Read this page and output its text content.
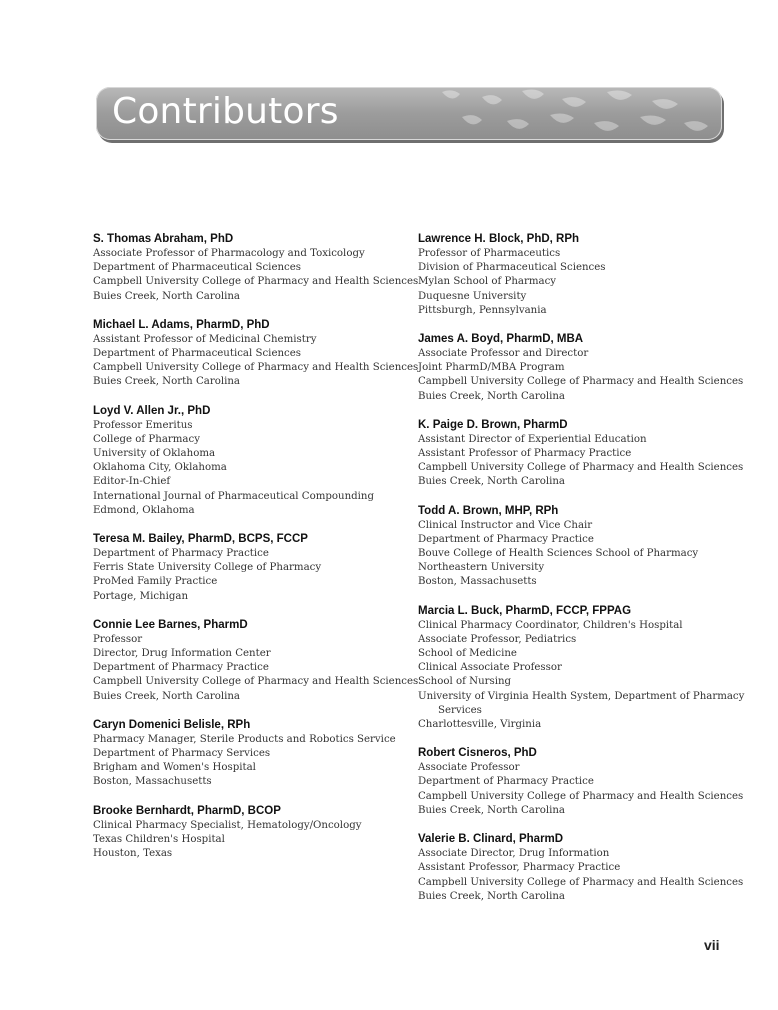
Contributors
S. Thomas Abraham, PhD
Associate Professor of Pharmacology and Toxicology
Department of Pharmaceutical Sciences
Campbell University College of Pharmacy and Health Sciences
Buies Creek, North Carolina
Michael L. Adams, PharmD, PhD
Assistant Professor of Medicinal Chemistry
Department of Pharmaceutical Sciences
Campbell University College of Pharmacy and Health Sciences
Buies Creek, North Carolina
Loyd V. Allen Jr., PhD
Professor Emeritus
College of Pharmacy
University of Oklahoma
Oklahoma City, Oklahoma
Editor-In-Chief
International Journal of Pharmaceutical Compounding
Edmond, Oklahoma
Teresa M. Bailey, PharmD, BCPS, FCCP
Department of Pharmacy Practice
Ferris State University College of Pharmacy
ProMed Family Practice
Portage, Michigan
Connie Lee Barnes, PharmD
Professor
Director, Drug Information Center
Department of Pharmacy Practice
Campbell University College of Pharmacy and Health Sciences
Buies Creek, North Carolina
Caryn Domenici Belisle, RPh
Pharmacy Manager, Sterile Products and Robotics Service
Department of Pharmacy Services
Brigham and Women's Hospital
Boston, Massachusetts
Brooke Bernhardt, PharmD, BCOP
Clinical Pharmacy Specialist, Hematology/Oncology
Texas Children's Hospital
Houston, Texas
Lawrence H. Block, PhD, RPh
Professor of Pharmaceutics
Division of Pharmaceutical Sciences
Mylan School of Pharmacy
Duquesne University
Pittsburgh, Pennsylvania
James A. Boyd, PharmD, MBA
Associate Professor and Director
Joint PharmD/MBA Program
Campbell University College of Pharmacy and Health Sciences
Buies Creek, North Carolina
K. Paige D. Brown, PharmD
Assistant Director of Experiential Education
Assistant Professor of Pharmacy Practice
Campbell University College of Pharmacy and Health Sciences
Buies Creek, North Carolina
Todd A. Brown, MHP, RPh
Clinical Instructor and Vice Chair
Department of Pharmacy Practice
Bouve College of Health Sciences School of Pharmacy
Northeastern University
Boston, Massachusetts
Marcia L. Buck, PharmD, FCCP, FPPAG
Clinical Pharmacy Coordinator, Children's Hospital
Associate Professor, Pediatrics
School of Medicine
Clinical Associate Professor
School of Nursing
University of Virginia Health System, Department of Pharmacy
Services
Charlottesville, Virginia
Robert Cisneros, PhD
Associate Professor
Department of Pharmacy Practice
Campbell University College of Pharmacy and Health Sciences
Buies Creek, North Carolina
Valerie B. Clinard, PharmD
Associate Director, Drug Information
Assistant Professor, Pharmacy Practice
Campbell University College of Pharmacy and Health Sciences
Buies Creek, North Carolina
vii
